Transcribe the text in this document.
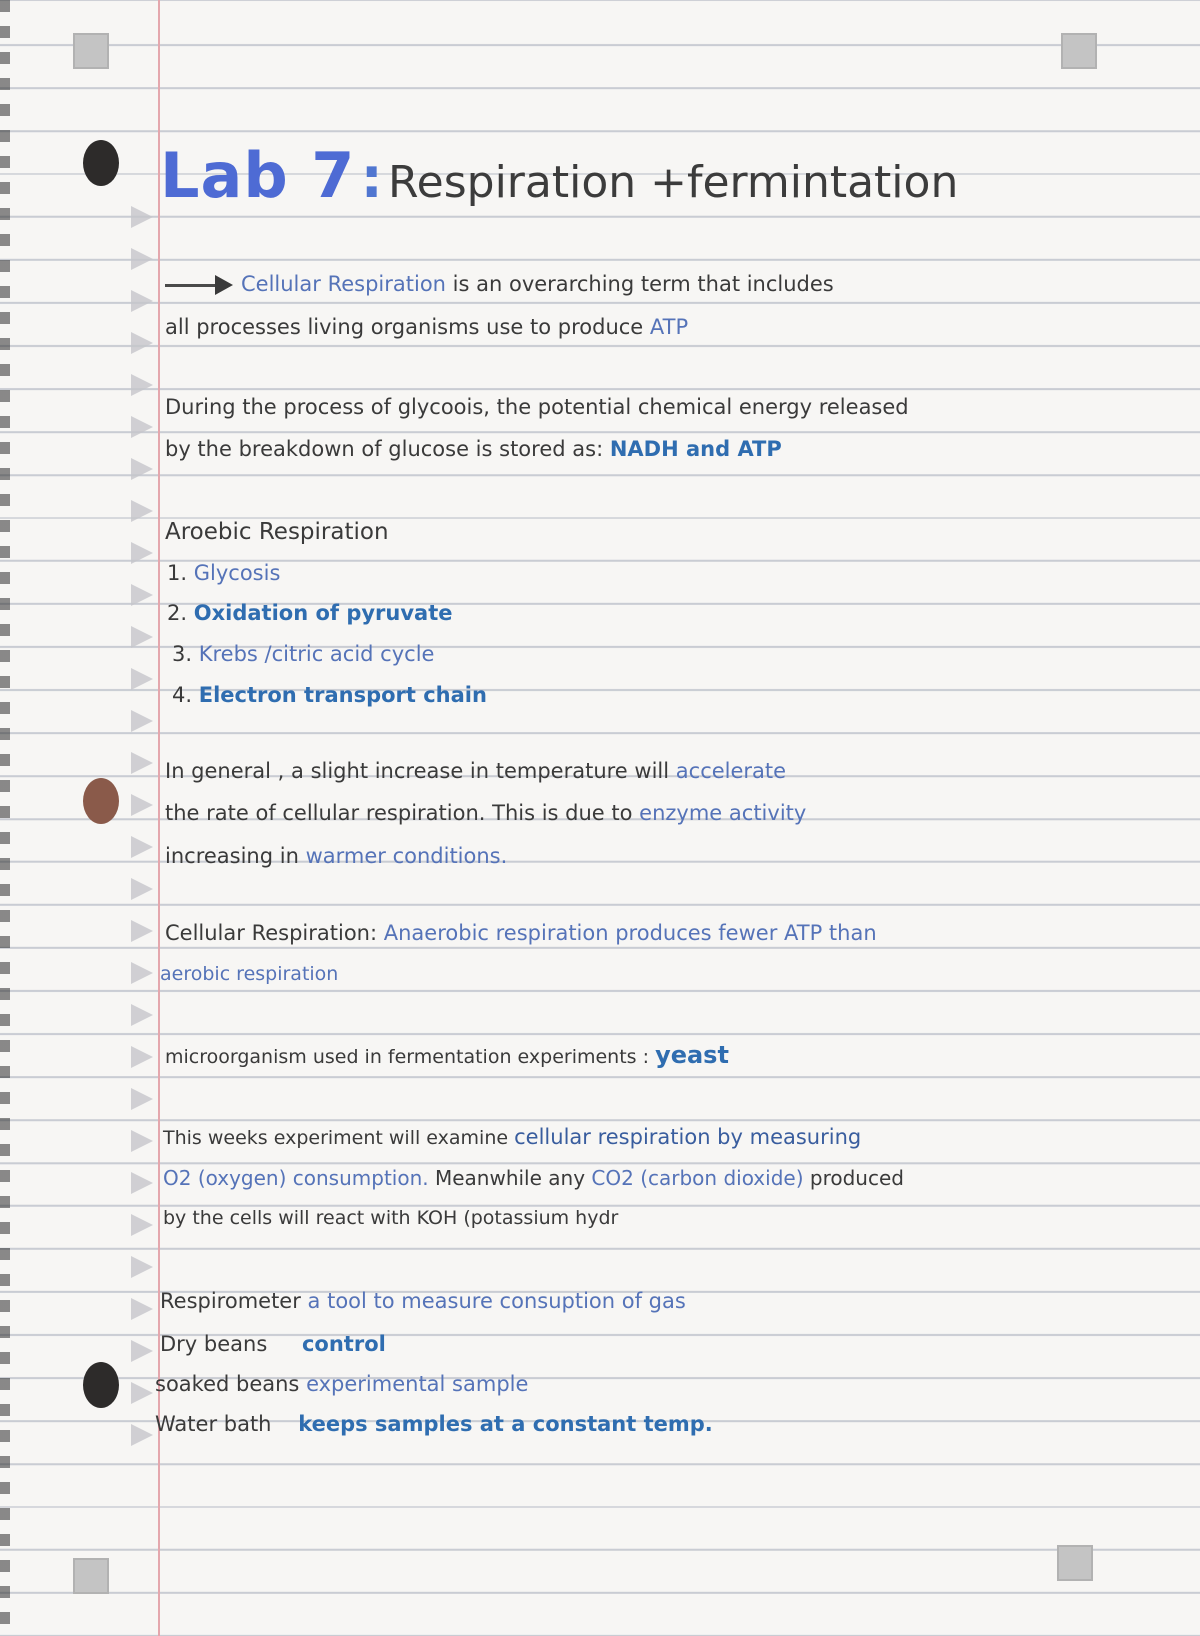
Lab 7 : Respiration +fermintation
Cellular Respiration is an overarching term that includes
all processes living organisms use to produce ATP
During the process of glycoois, the potential chemical energy released
by the breakdown of glucose is stored as: NADH and ATP
Aroebic Respiration
1. Glycosis
2. Oxidation of pyruvate
3. Krebs /citric acid cycle
4. Electron transport chain
In general , a slight increase in temperature will accelerate
the rate of cellular respiration. This is due to enzyme activity
increasing in warmer conditions.
Cellular Respiration: Anaerobic respiration produces fewer ATP than
aerobic respiration
microorganism used in fermentation experiments : yeast
This weeks experiment will examine cellular respiration by measuring
O2 (oxygen) consumption. Meanwhile any CO2 (carbon dioxide) produced
by the cells will react with KOH (potassium hydr
Respirometer a tool to measure consuption of gas
Dry beans control
soaked beans experimental sample
Water bath keeps samples at a constant temp.
